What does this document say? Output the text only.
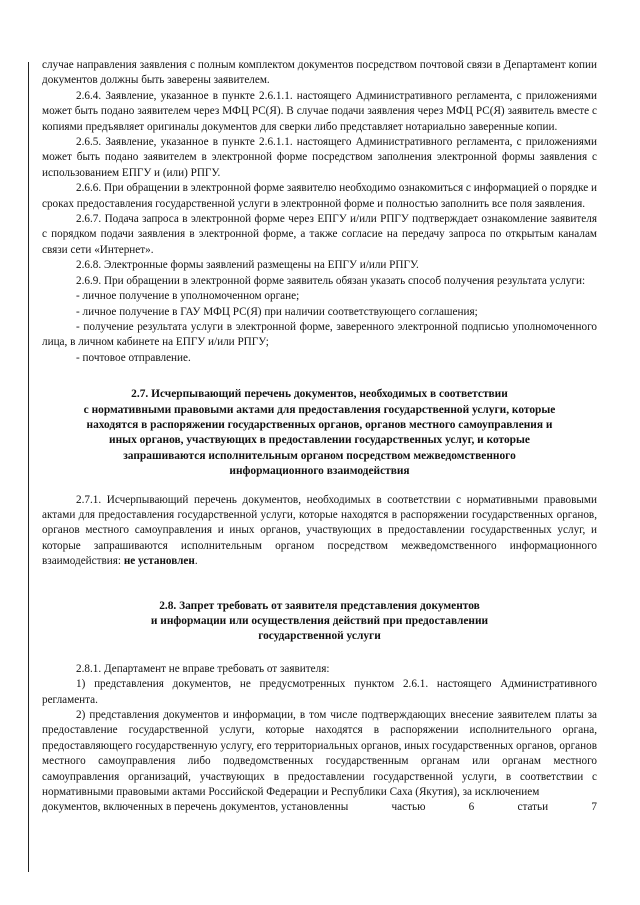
случае направления заявления с полным комплектом документов посредством почтовой связи в Департамент копии документов должны быть заверены заявителем.

2.6.4. Заявление, указанное в пункте 2.6.1.1. настоящего Административного регламента, с приложениями может быть подано заявителем через МФЦ РС(Я). В случае подачи заявления через МФЦ РС(Я) заявитель вместе с копиями предъявляет оригиналы документов для сверки либо представляет нотариально заверенные копии.

2.6.5. Заявление, указанное в пункте 2.6.1.1. настоящего Административного регламента, с приложениями может быть подано заявителем в электронной форме посредством заполнения электронной формы заявления с использованием ЕПГУ и (или) РПГУ.

2.6.6. При обращении в электронной форме заявителю необходимо ознакомиться с информацией о порядке и сроках предоставления государственной услуги в электронной форме и полностью заполнить все поля заявления.

2.6.7. Подача запроса в электронной форме через ЕПГУ и/или РПГУ подтверждает ознакомление заявителя с порядком подачи заявления в электронной форме, а также согласие на передачу запроса по открытым каналам связи сети «Интернет».

2.6.8. Электронные формы заявлений размещены на ЕПГУ и/или РПГУ.

2.6.9. При обращении в электронной форме заявитель обязан указать способ получения результата услуги:

- личное получение в уполномоченном органе;
- личное получение в ГАУ МФЦ РС(Я) при наличии соответствующего соглашения;
- получение результата услуги в электронной форме, заверенного электронной подписью уполномоченного лица, в личном кабинете на ЕПГУ и/или РПГУ;
- почтовое отправление.
2.7. Исчерпывающий перечень документов, необходимых в соответствии
с нормативными правовыми актами для предоставления государственной услуги, которые
находятся в распоряжении государственных органов, органов местного самоуправления и
иных органов, участвующих в предоставлении государственных услуг, и которые
запрашиваются исполнительным органом посредством межведомственного
информационного взаимодействия

2.7.1. Исчерпывающий перечень документов, необходимых в соответствии с нормативными правовыми актами для предоставления государственной услуги, которые находятся в распоряжении государственных органов, органов местного самоуправления и иных органов, участвующих в предоставлении государственных услуг, и которые запрашиваются исполнительным органом посредством межведомственного информационного взаимодействия: не установлен.

2.8. Запрет требовать от заявителя представления документов
и информации или осуществления действий при предоставлении
государственной услуги

2.8.1. Департамент не вправе требовать от заявителя:

1) представления документов, не предусмотренных пунктом 2.6.1. настоящего Административного регламента.

2) представления документов и информации, в том числе подтверждающих внесение заявителем платы за предоставление государственной услуги, которые находятся в распоряжении исполнительного органа, предоставляющего государственную услугу, его территориальных органов, иных государственных органов, органов местного самоуправления либо подведомственных государственным органам или органам местного самоуправления организаций, участвующих в предоставлении государственной услуги, в соответствии с нормативными правовыми актами Российской Федерации и Республики Саха (Якутия), за исключением

документов, включенных в перечень документов, установленны	частью	6	статьи	7
